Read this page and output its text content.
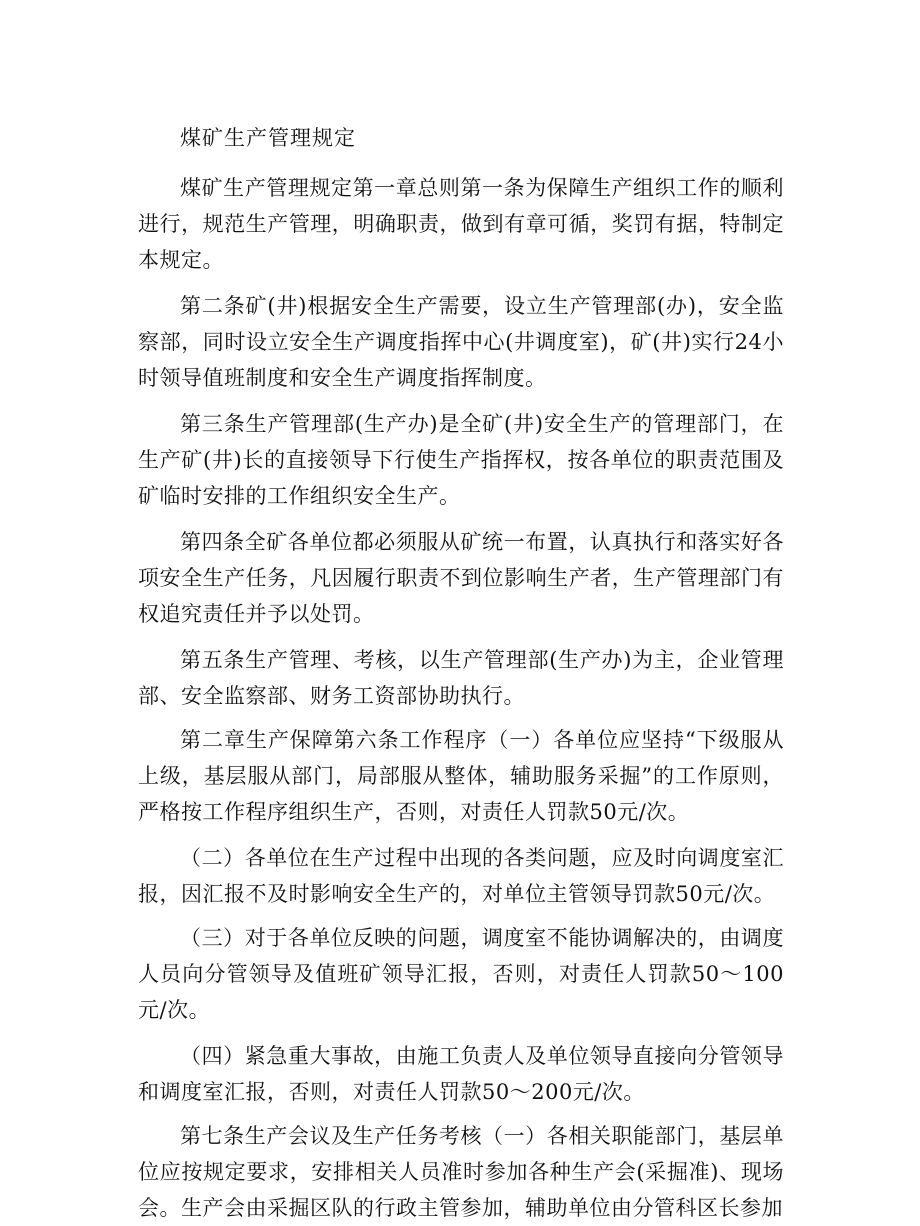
煤矿生产管理规定

煤矿生产管理规定第一章总则第一条为保障生产组织工作的顺利进行，规范生产管理，明确职责，做到有章可循，奖罚有据，特制定本规定。

第二条矿(井)根据安全生产需要，设立生产管理部(办)，安全监察部，同时设立安全生产调度指挥中心(井调度室)，矿(井)实行24小时领导值班制度和安全生产调度指挥制度。

第三条生产管理部(生产办)是全矿(井)安全生产的管理部门，在生产矿(井)长的直接领导下行使生产指挥权，按各单位的职责范围及矿临时安排的工作组织安全生产。

第四条全矿各单位都必须服从矿统一布置，认真执行和落实好各项安全生产任务，凡因履行职责不到位影响生产者，生产管理部门有权追究责任并予以处罚。

第五条生产管理、考核，以生产管理部(生产办)为主，企业管理部、安全监察部、财务工资部协助执行。

第二章生产保障第六条工作程序（一）各单位应坚持“下级服从上级，基层服从部门，局部服从整体，辅助服务采掘”的工作原则，严格按工作程序组织生产，否则，对责任人罚款50元/次。

（二）各单位在生产过程中出现的各类问题，应及时向调度室汇报，因汇报不及时影响安全生产的，对单位主管领导罚款50元/次。

（三）对于各单位反映的问题，调度室不能协调解决的，由调度人员向分管领导及值班矿领导汇报，否则，对责任人罚款50～100元/次。

（四）紧急重大事故，由施工负责人及单位领导直接向分管领导和调度室汇报，否则，对责任人罚款50～200元/次。

第七条生产会议及生产任务考核（一）各相关职能部门，基层单位应按规定要求，安排相关人员准时参加各种生产会(采掘准)、现场会。生产会由采掘区队的行政主管参加，辅助单位由分管科区长参加
